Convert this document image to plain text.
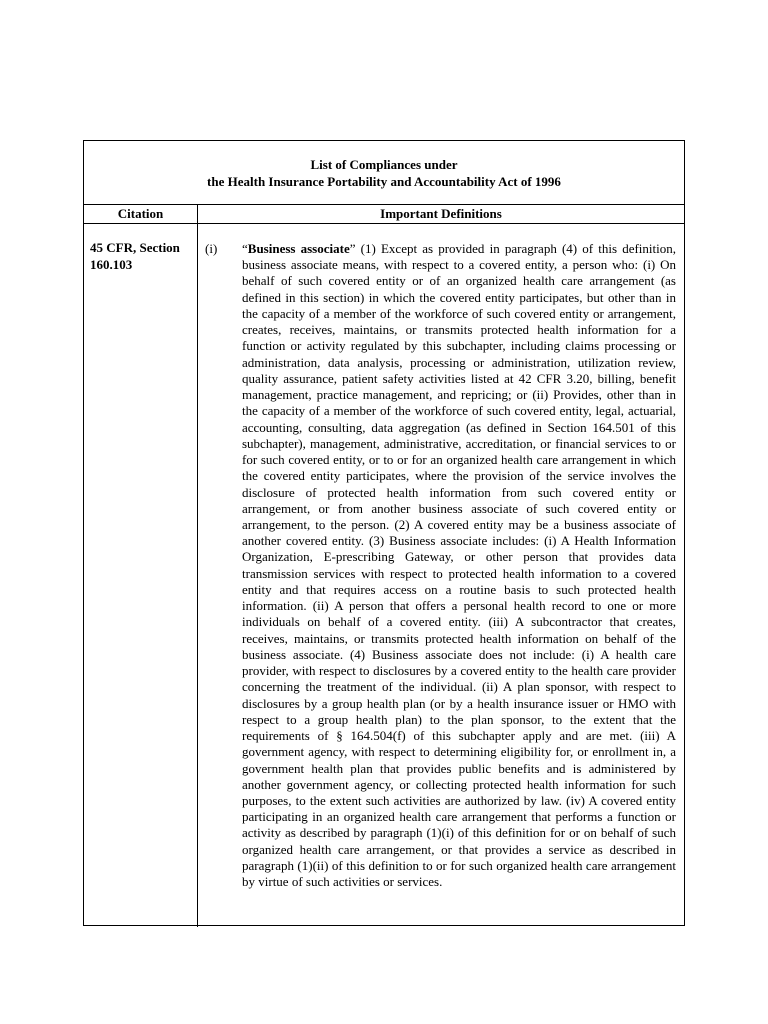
List of Compliances under
the Health Insurance Portability and Accountability Act of 1996
Citation	Important Definitions
45 CFR, Section 160.103
(i) “Business associate” (1) Except as provided in paragraph (4) of this definition, business associate means, with respect to a covered entity, a person who: (i) On behalf of such covered entity or of an organized health care arrangement (as defined in this section) in which the covered entity participates, but other than in the capacity of a member of the workforce of such covered entity or arrangement, creates, receives, maintains, or transmits protected health information for a function or activity regulated by this subchapter, including claims processing or administration, data analysis, processing or administration, utilization review, quality assurance, patient safety activities listed at 42 CFR 3.20, billing, benefit management, practice management, and repricing; or (ii) Provides, other than in the capacity of a member of the workforce of such covered entity, legal, actuarial, accounting, consulting, data aggregation (as defined in Section 164.501 of this subchapter), management, administrative, accreditation, or financial services to or for such covered entity, or to or for an organized health care arrangement in which the covered entity participates, where the provision of the service involves the disclosure of protected health information from such covered entity or arrangement, or from another business associate of such covered entity or arrangement, to the person. (2) A covered entity may be a business associate of another covered entity. (3) Business associate includes: (i) A Health Information Organization, E-prescribing Gateway, or other person that provides data transmission services with respect to protected health information to a covered entity and that requires access on a routine basis to such protected health information. (ii) A person that offers a personal health record to one or more individuals on behalf of a covered entity. (iii) A subcontractor that creates, receives, maintains, or transmits protected health information on behalf of the business associate. (4) Business associate does not include: (i) A health care provider, with respect to disclosures by a covered entity to the health care provider concerning the treatment of the individual. (ii) A plan sponsor, with respect to disclosures by a group health plan (or by a health insurance issuer or HMO with respect to a group health plan) to the plan sponsor, to the extent that the requirements of § 164.504(f) of this subchapter apply and are met. (iii) A government agency, with respect to determining eligibility for, or enrollment in, a government health plan that provides public benefits and is administered by another government agency, or collecting protected health information for such purposes, to the extent such activities are authorized by law. (iv) A covered entity participating in an organized health care arrangement that performs a function or activity as described by paragraph (1)(i) of this definition for or on behalf of such organized health care arrangement, or that provides a service as described in paragraph (1)(ii) of this definition to or for such organized health care arrangement by virtue of such activities or services.
